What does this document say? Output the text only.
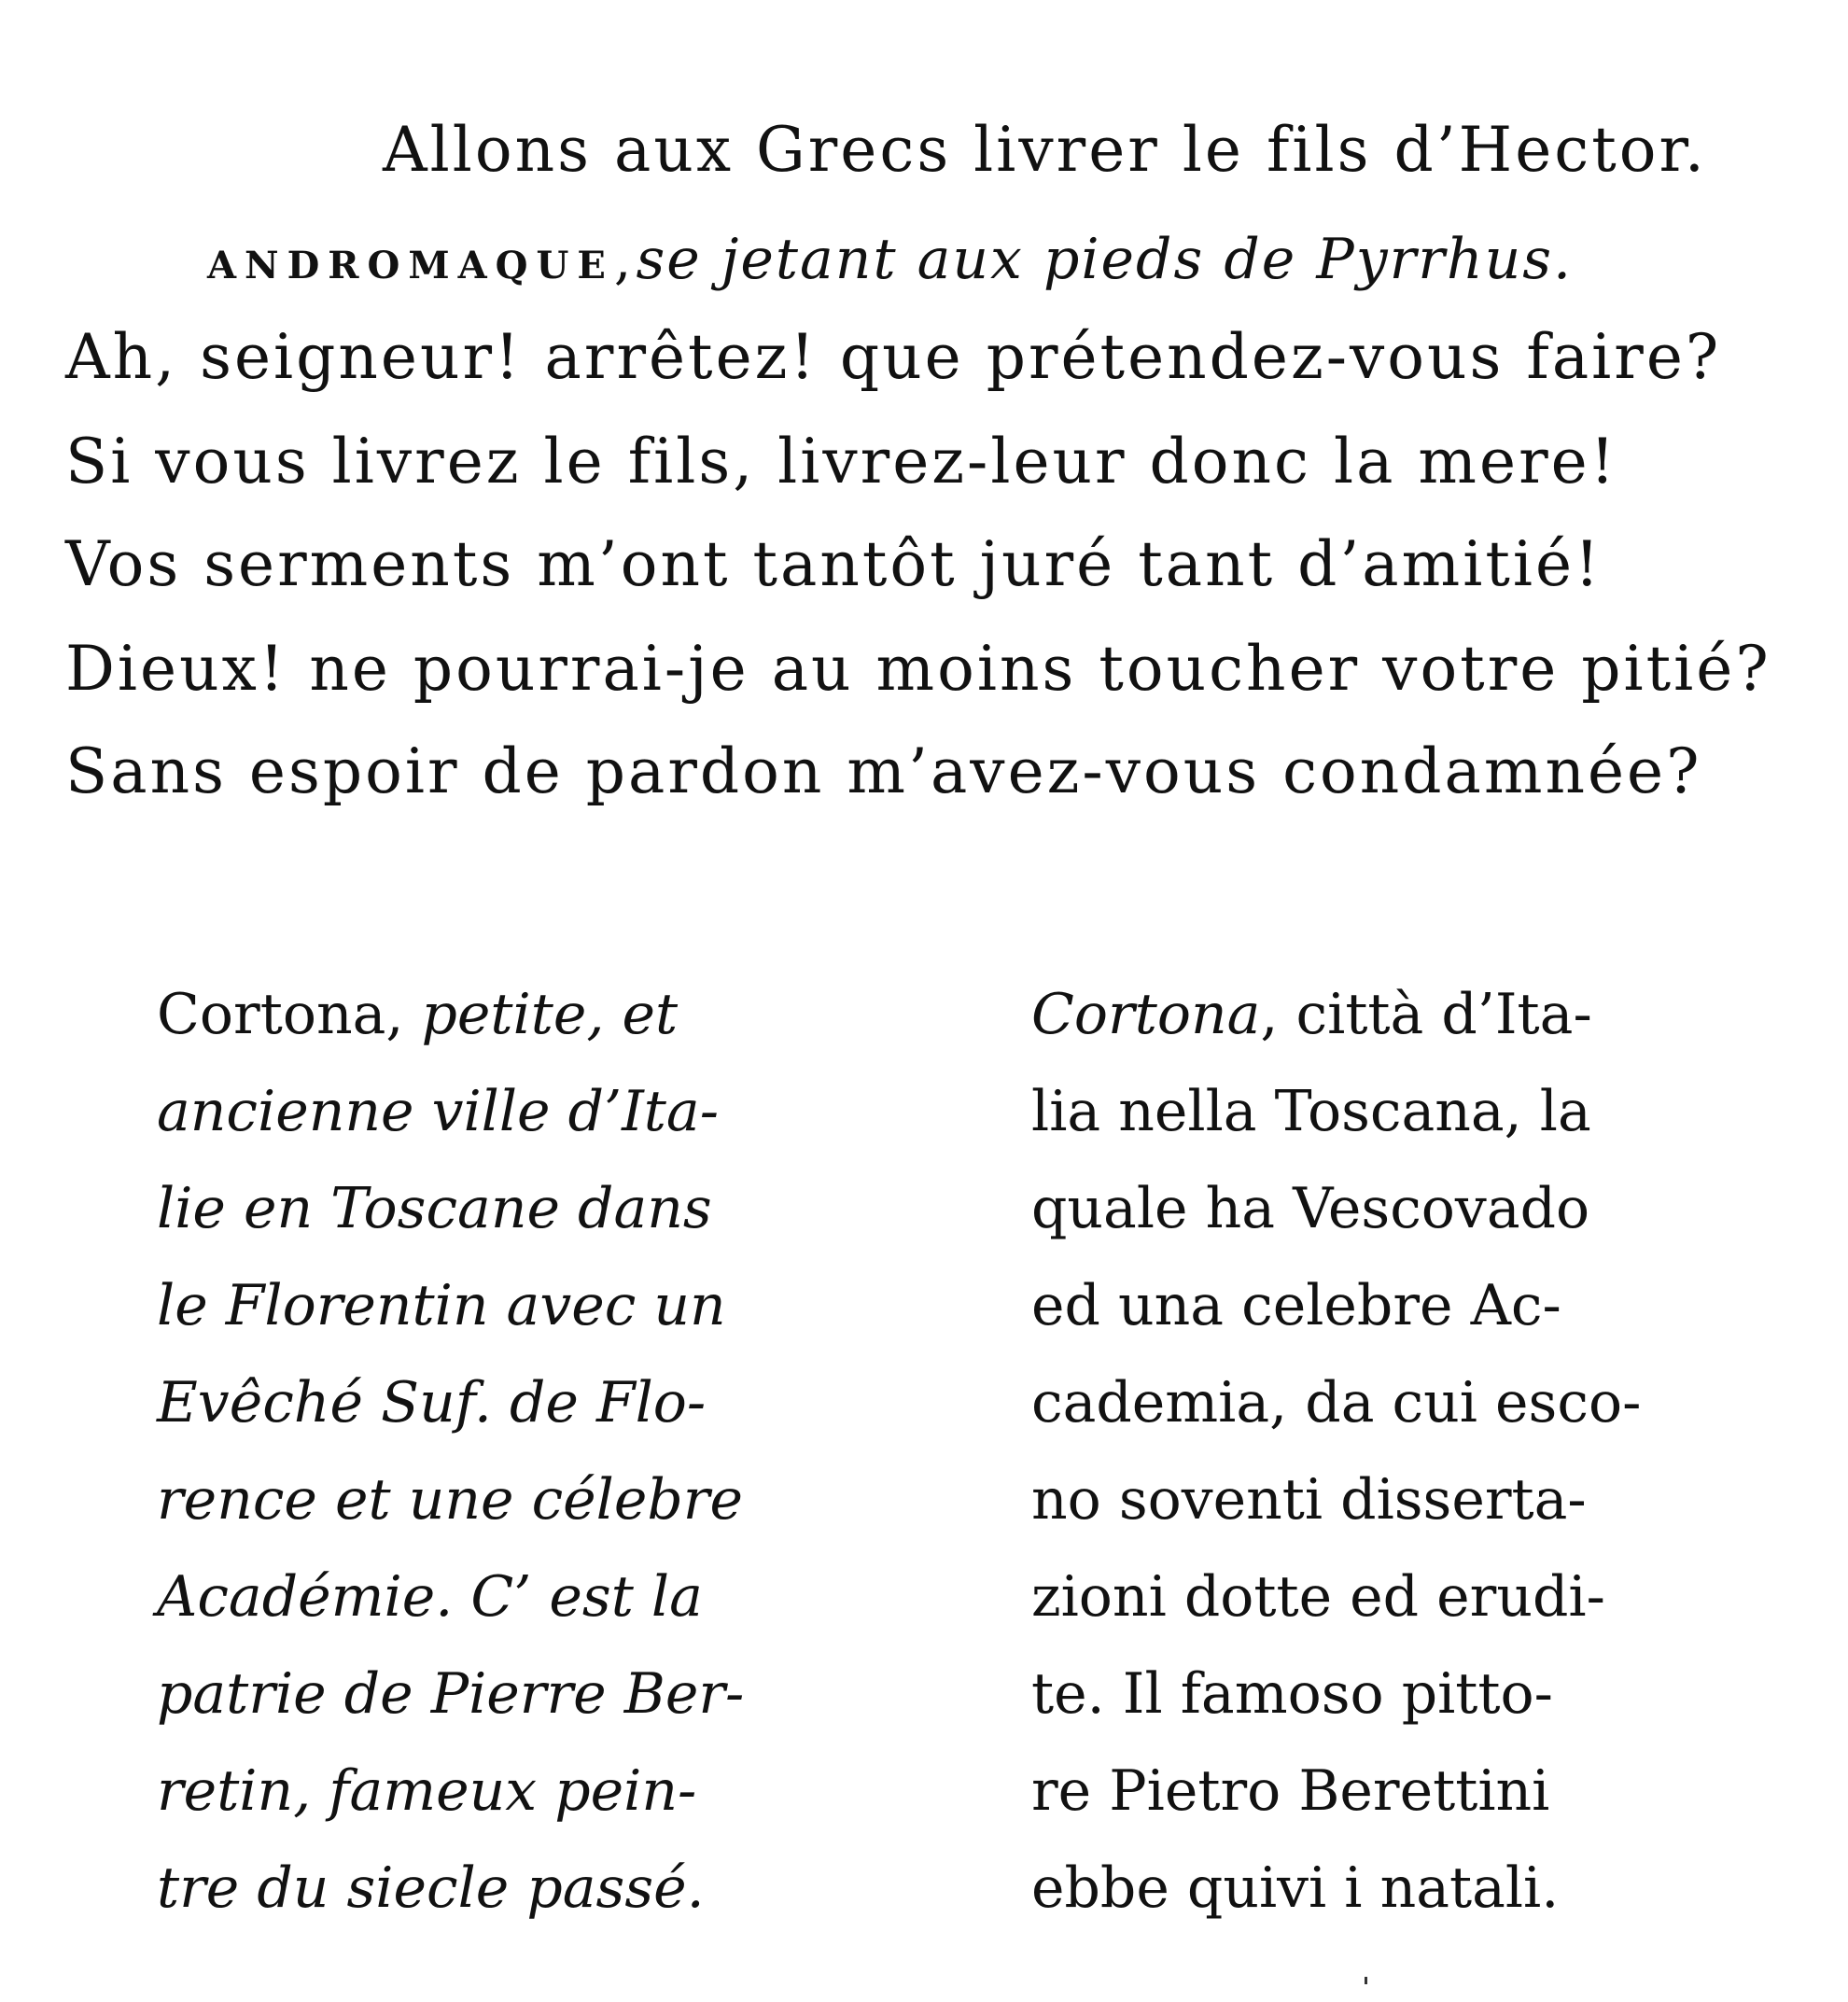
Allons aux Grecs livrer le fils d’Hector.
ANDROMAQUE, se jetant aux pieds de Pyrrhus.
Ah, seigneur! arrêtez! que prétendez-vous faire?
Si vous livrez le fils, livrez-leur donc la mere!
Vos serments m’ont tantôt juré tant d’amitié!
Dieux! ne pourrai-je au moins toucher votre pitié?
Sans espoir de pardon m’avez-vous condamnée?
Cortona, petite, et
ancienne ville d’Ita-
lie en Toscane dans
le Florentin avec un
Evêché Suf. de Flo-
rence et une célebre
Académie. C’ est la
patrie de Pierre Ber-
retin, fameux pein-
tre du siecle passé.
Cortona, città d’Ita-
lia nella Toscana, la
quale ha Vescovado
ed una celebre Ac-
cademia, da cui esco-
no soventi disserta-
zioni dotte ed erudi-
te. Il famoso pitto-
re Pietro Berettini
ebbe quivi i natali.
